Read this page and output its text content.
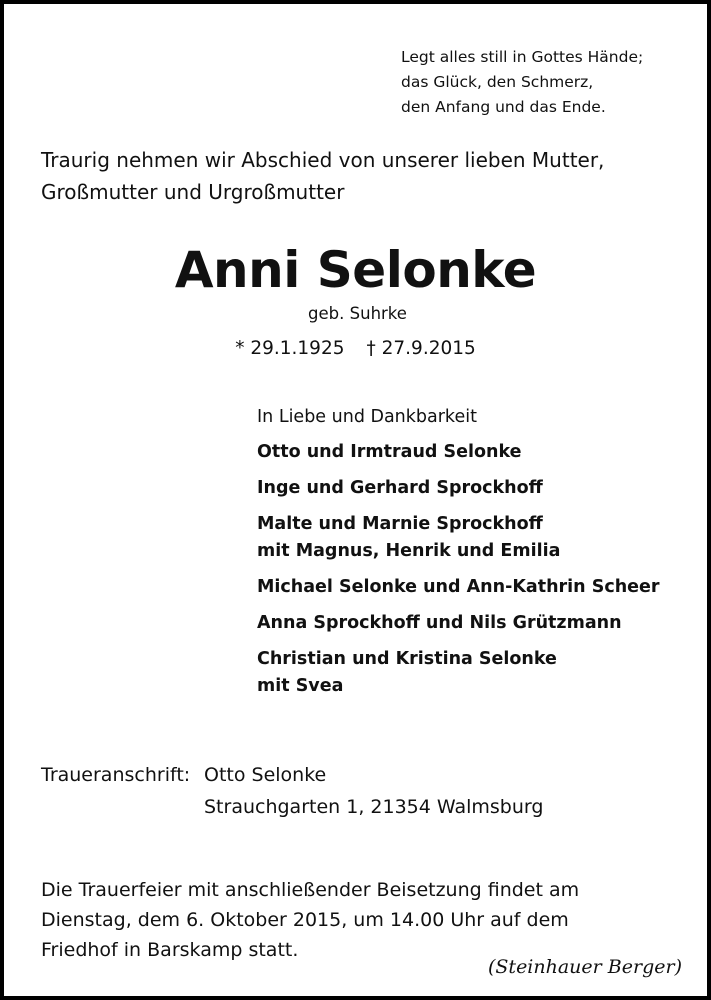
Legt alles still in Gottes Hände;
das Glück, den Schmerz,
den Anfang und das Ende.
Traurig nehmen wir Abschied von unserer lieben Mutter,
Großmutter und Urgroßmutter
Anni Selonke
geb. Suhrke
* 29.1.1925 † 27.9.2015
In Liebe und Dankbarkeit
Otto und Irmtraud Selonke
Inge und Gerhard Sprockhoff
Malte und Marnie Sprockhoff
mit Magnus, Henrik und Emilia
Michael Selonke und Ann-Kathrin Scheer
Anna Sprockhoff und Nils Grützmann
Christian und Kristina Selonke
mit Svea
Traueranschrift: Otto Selonke
Strauchgarten 1, 21354 Walmsburg
Die Trauerfeier mit anschließender Beisetzung findet am
Dienstag, dem 6. Oktober 2015, um 14.00 Uhr auf dem
Friedhof in Barskamp statt.
(Steinhauer Berger)
